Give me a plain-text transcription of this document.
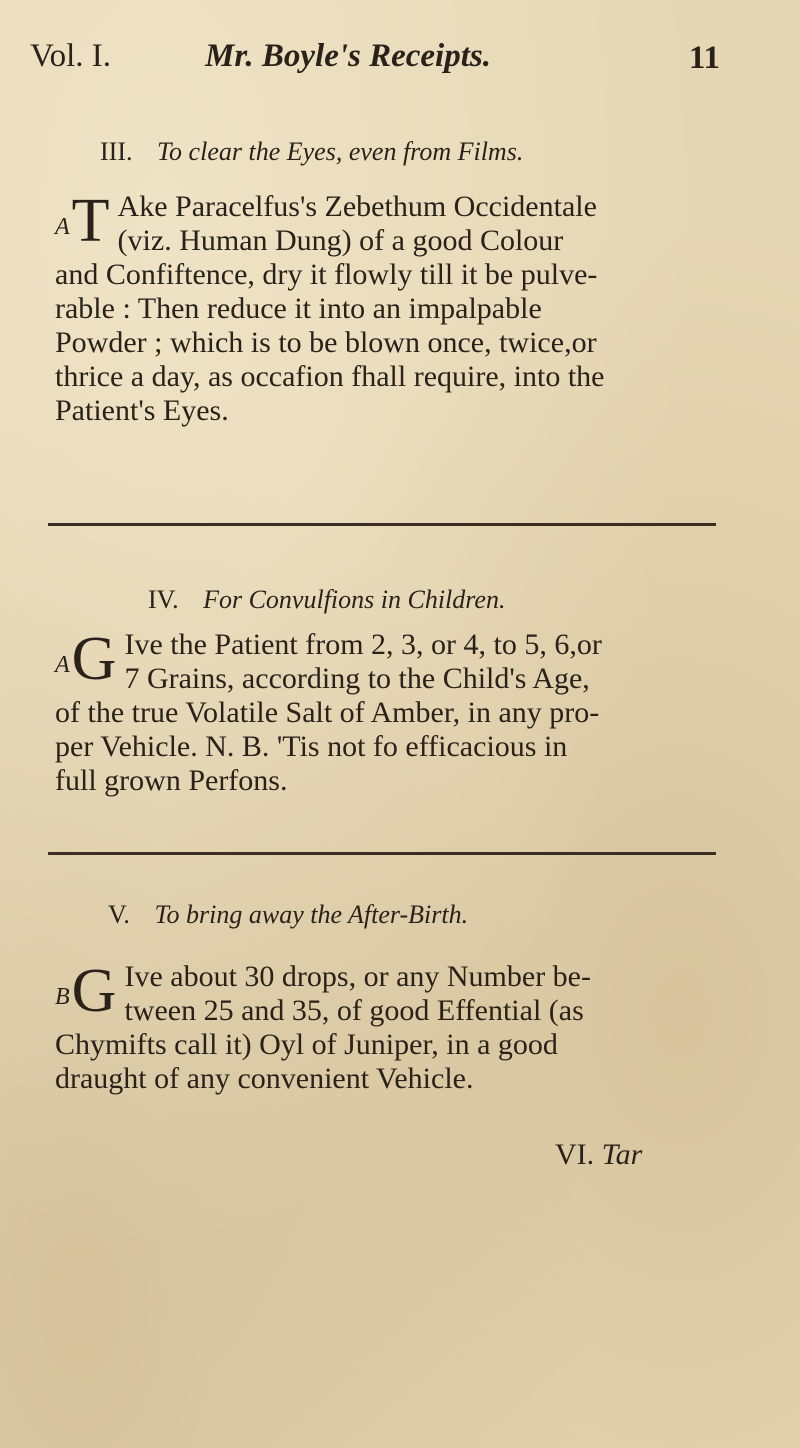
Vol. I.	Mr. Boyle's Receipts.	11
III. To clear the Eyes, even from Films.
$^A$T Ake Paracelfus's Zebethum Occidentale
(viz. Human Dung) of a good Colour
and Confiftence, dry it flowly till it be pulve-
rable : Then reduce it into an impalpable
Powder ; which is to be blown once, twice,or
thrice a day, as occafion fhall require, into the
Patient's Eyes.
IV. For Convulfions in Children.
$^A$G Ive the Patient from 2, 3, or 4, to 5, 6,or
7 Grains, according to the Child's Age,
of the true Volatile Salt of Amber, in any pro-
per Vehicle. N. B. 'Tis not fo efficacious in
full grown Perfons.
V. To bring away the After-Birth.
$^B$G Ive about 30 drops, or any Number be-
tween 25 and 35, of good Effential (as
Chymifts call it) Oyl of Juniper, in a good
draught of any convenient Vehicle.
VI. Tar
